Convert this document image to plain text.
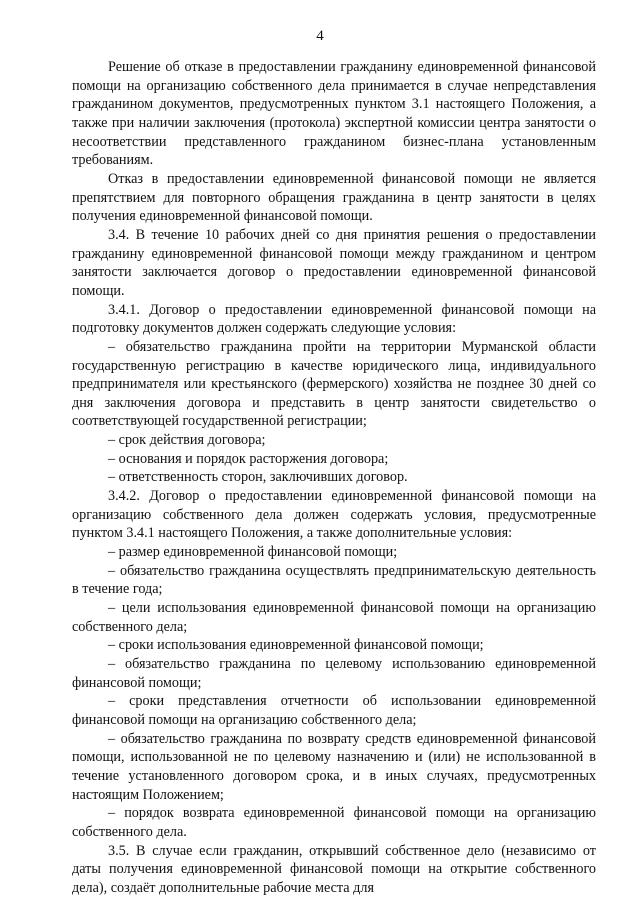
4

Решение об отказе в предоставлении гражданину единовременной финансовой помощи на организацию собственного дела принимается в случае непредставления гражданином документов, предусмотренных пунктом 3.1 настоящего Положения, а также при наличии заключения (протокола) экспертной комиссии центра занятости о несоответствии представленного гражданином бизнес-плана установленным требованиям.

Отказ в предоставлении единовременной финансовой помощи не является препятствием для повторного обращения гражданина в центр занятости в целях получения единовременной финансовой помощи.

3.4. В течение 10 рабочих дней со дня принятия решения о предоставлении гражданину единовременной финансовой помощи между гражданином и центром занятости заключается договор о предоставлении единовременной финансовой помощи.

3.4.1. Договор о предоставлении единовременной финансовой помощи на подготовку документов должен содержать следующие условия:

– обязательство гражданина пройти на территории Мурманской области государственную регистрацию в качестве юридического лица, индивидуального предпринимателя или крестьянского (фермерского) хозяйства не позднее 30 дней со дня заключения договора и представить в центр занятости свидетельство о соответствующей государственной регистрации;

– срок действия договора;

– основания и порядок расторжения договора;

– ответственность сторон, заключивших договор.

3.4.2. Договор о предоставлении единовременной финансовой помощи на организацию собственного дела должен содержать условия, предусмотренные пунктом 3.4.1 настоящего Положения, а также дополнительные условия:

– размер единовременной финансовой помощи;

– обязательство гражданина осуществлять предпринимательскую деятельность в течение года;

– цели использования единовременной финансовой помощи на организацию собственного дела;

– сроки использования единовременной финансовой помощи;

– обязательство гражданина по целевому использованию единовременной финансовой помощи;

– сроки представления отчетности об использовании единовременной финансовой помощи на организацию собственного дела;

– обязательство гражданина по возврату средств единовременной финансовой помощи, использованной не по целевому назначению и (или) не использованной в течение установленного договором срока, и в иных случаях, предусмотренных настоящим Положением;

– порядок возврата единовременной финансовой помощи на организацию собственного дела.

3.5. В случае если гражданин, открывший собственное дело (независимо от даты получения единовременной финансовой помощи на открытие собственного дела), создаёт дополнительные рабочие места для
